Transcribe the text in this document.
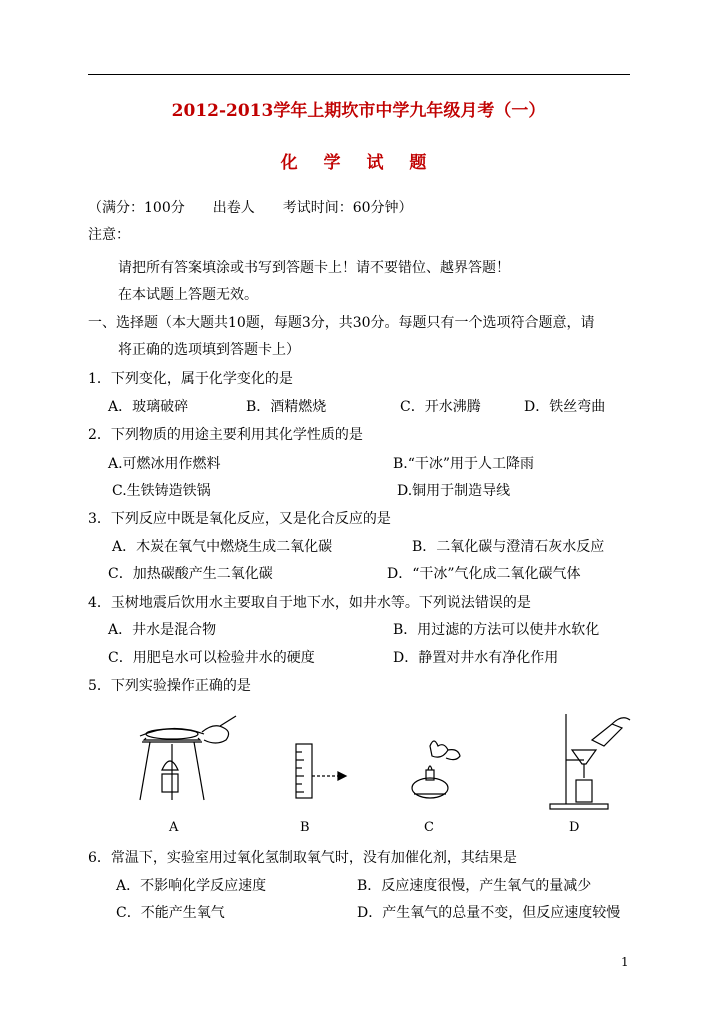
2012-2013学年上期坎市中学九年级月考（一）
化 学 试 题
（满分：100分　　出卷人　　考试时间：60分钟）
注意：
请把所有答案填涂或书写到答题卡上！请不要错位、越界答题！
在本试题上答题无效。
一、选择题（本大题共10题，每题3分，共30分。每题只有一个选项符合题意，请
将正确的选项填到答题卡上）
1．下列变化，属于化学变化的是
A．玻璃破碎	B．酒精燃烧	C．开水沸腾	D．铁丝弯曲
2．下列物质的用途主要利用其化学性质的是
A.可燃冰用作燃料	B.“干冰”用于人工降雨
C.生铁铸造铁锅	D.铜用于制造导线
3．下列反应中既是氧化反应，又是化合反应的是
A．木炭在氧气中燃烧生成二氧化碳	B．二氧化碳与澄清石灰水反应
C．加热碳酸产生二氧化碳	D．“干冰”气化成二氧化碳气体
4．玉树地震后饮用水主要取自于地下水，如井水等。下列说法错误的是
A．井水是混合物	B．用过滤的方法可以使井水软化
C．用肥皂水可以检验井水的硬度	D．静置对井水有净化作用
5．下列实验操作正确的是
A	B	C	D
6．常温下，实验室用过氧化氢制取氧气时，没有加催化剂，其结果是
A．不影响化学反应速度	B．反应速度很慢，产生氧气的量减少
C．不能产生氧气	D．产生氧气的总量不变，但反应速度较慢
1
